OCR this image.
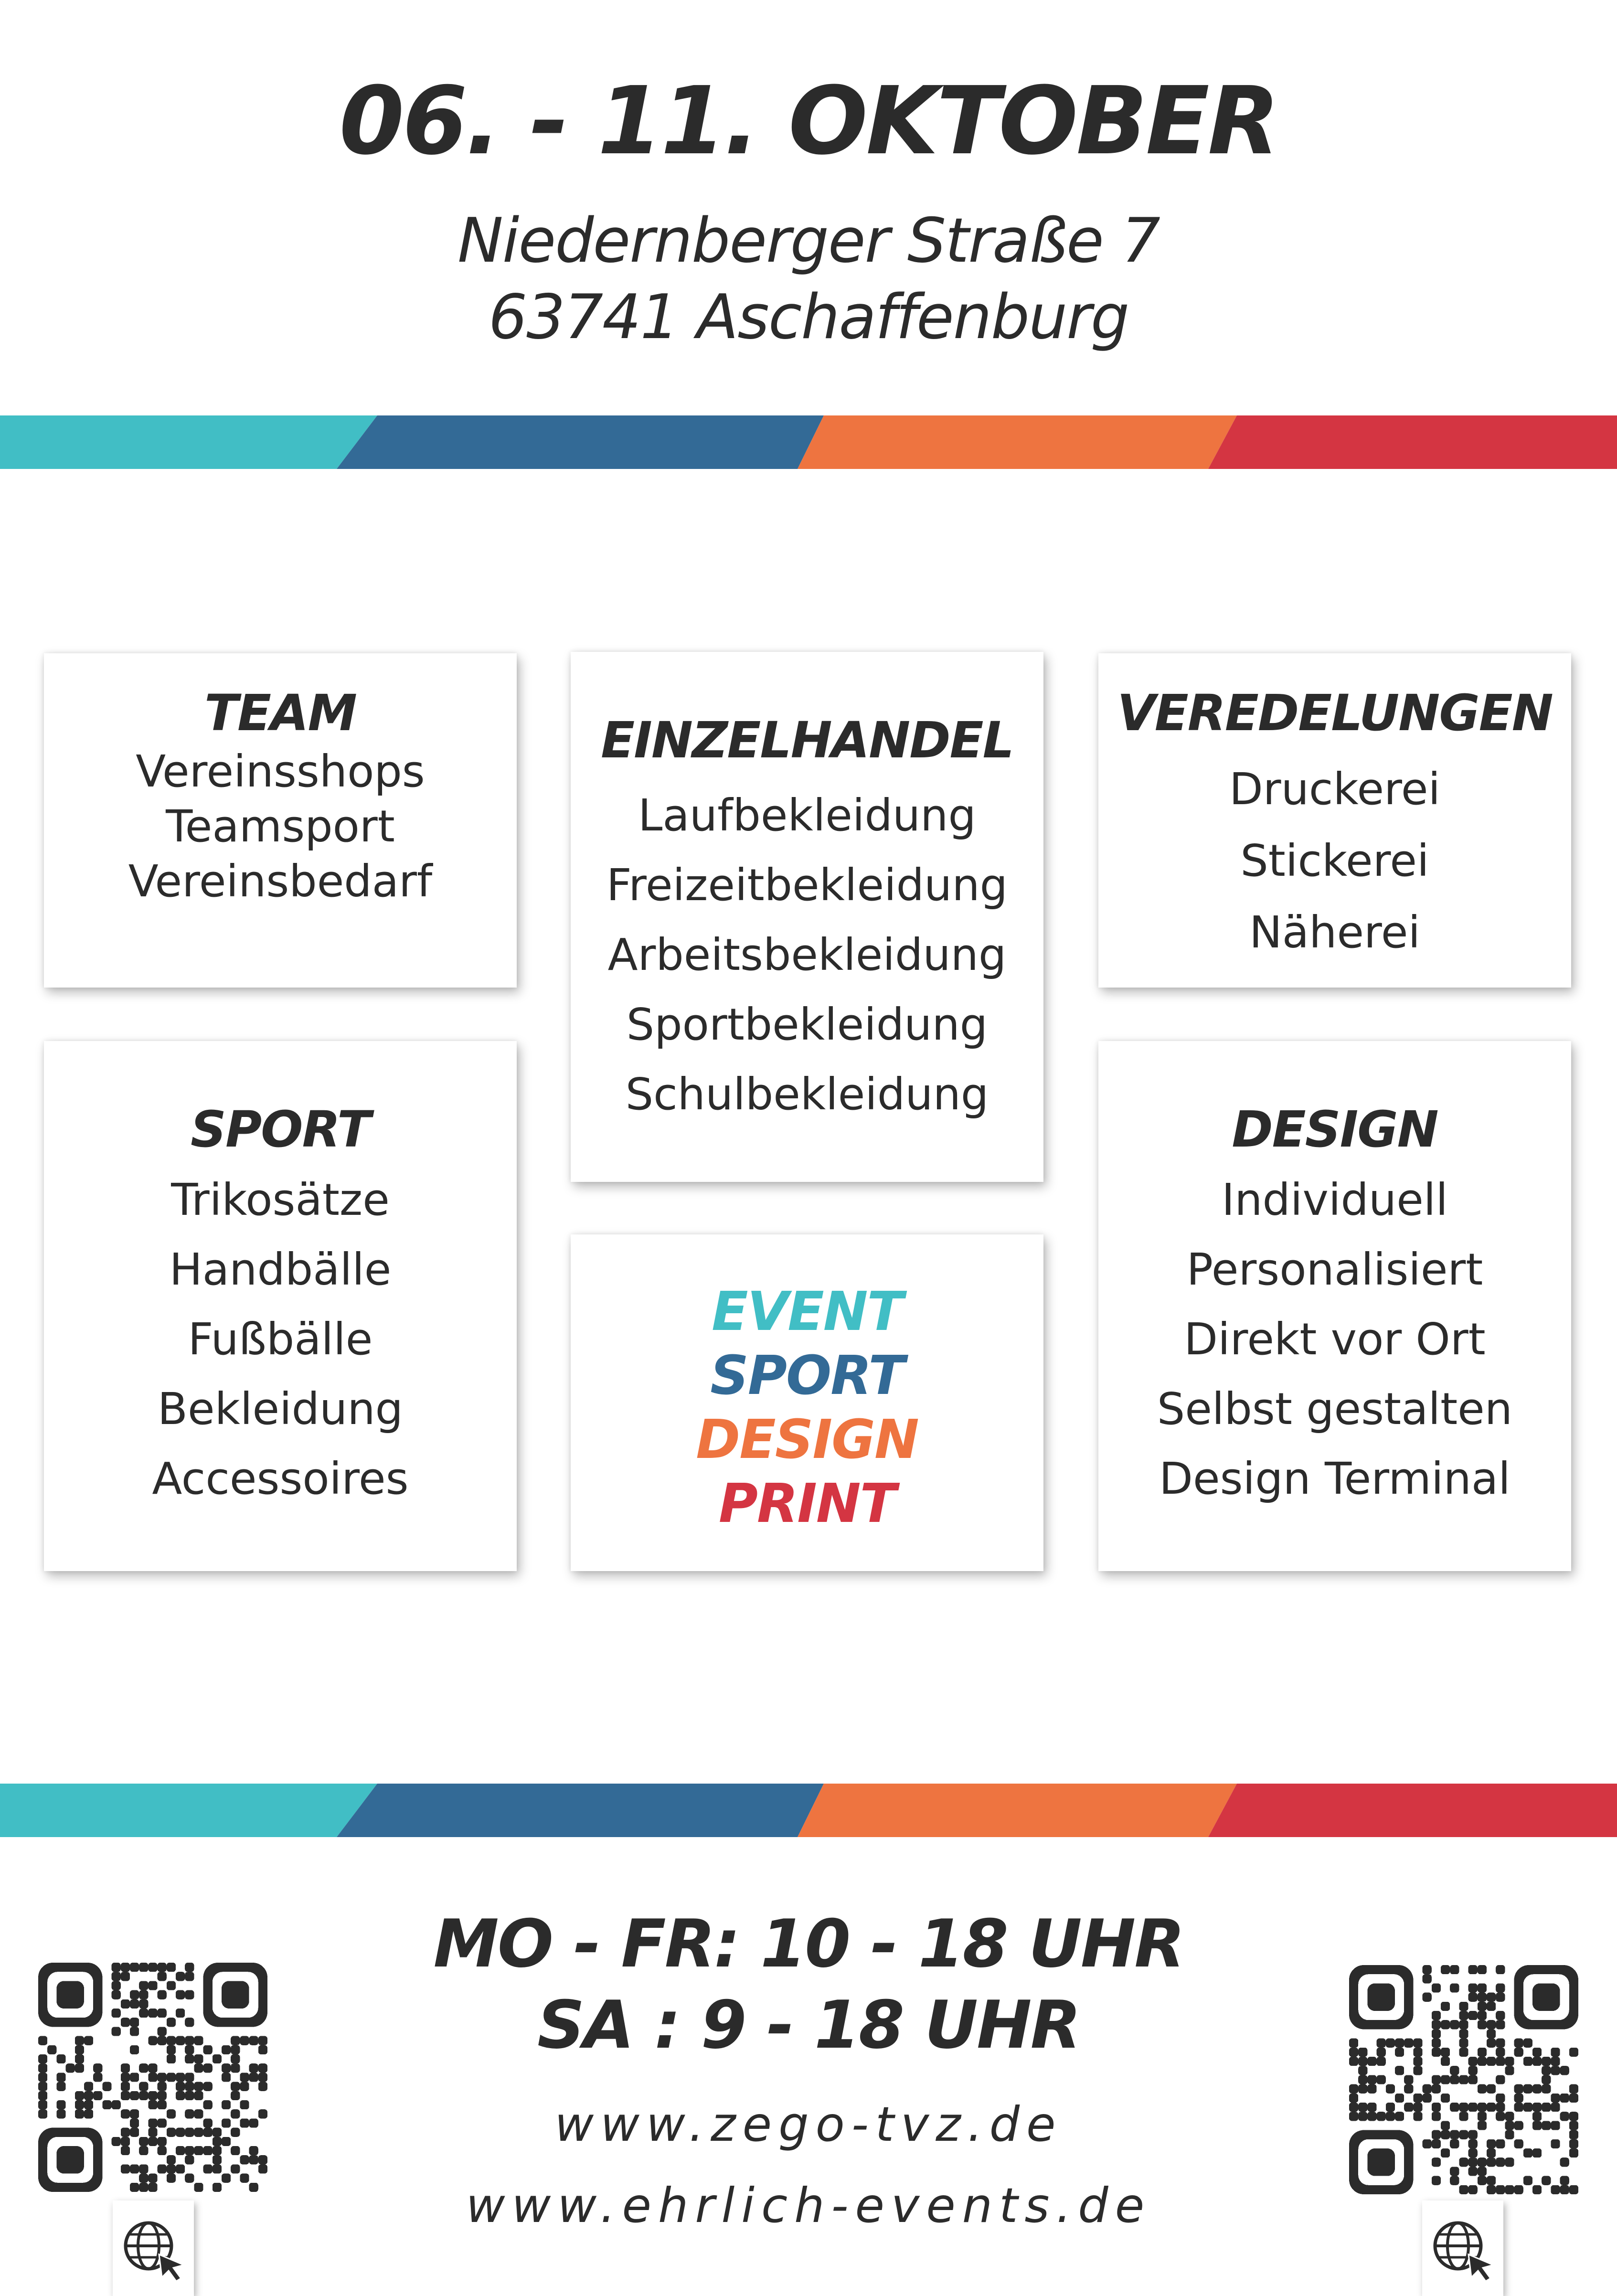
06. - 11. OKTOBER
Niedernberger Straße 7
63741 Aschaffenburg
TEAM
Vereinsshops
Teamsport
Vereinsbedarf
EINZELHANDEL
Laufbekleidung
Freizeitbekleidung
Arbeitsbekleidung
Sportbekleidung
Schulbekleidung
VEREDELUNGEN
Druckerei
Stickerei
Näherei
SPORT
Trikosätze
Handbälle
Fußbälle
Bekleidung
Accessoires
EVENT
SPORT
DESIGN
PRINT
DESIGN
Individuell
Personalisiert
Direkt vor Ort
Selbst gestalten
Design Terminal
MO - FR: 10 - 18 UHR
SA : 9 - 18 UHR
www.zego-tvz.de
www.ehrlich-events.de
